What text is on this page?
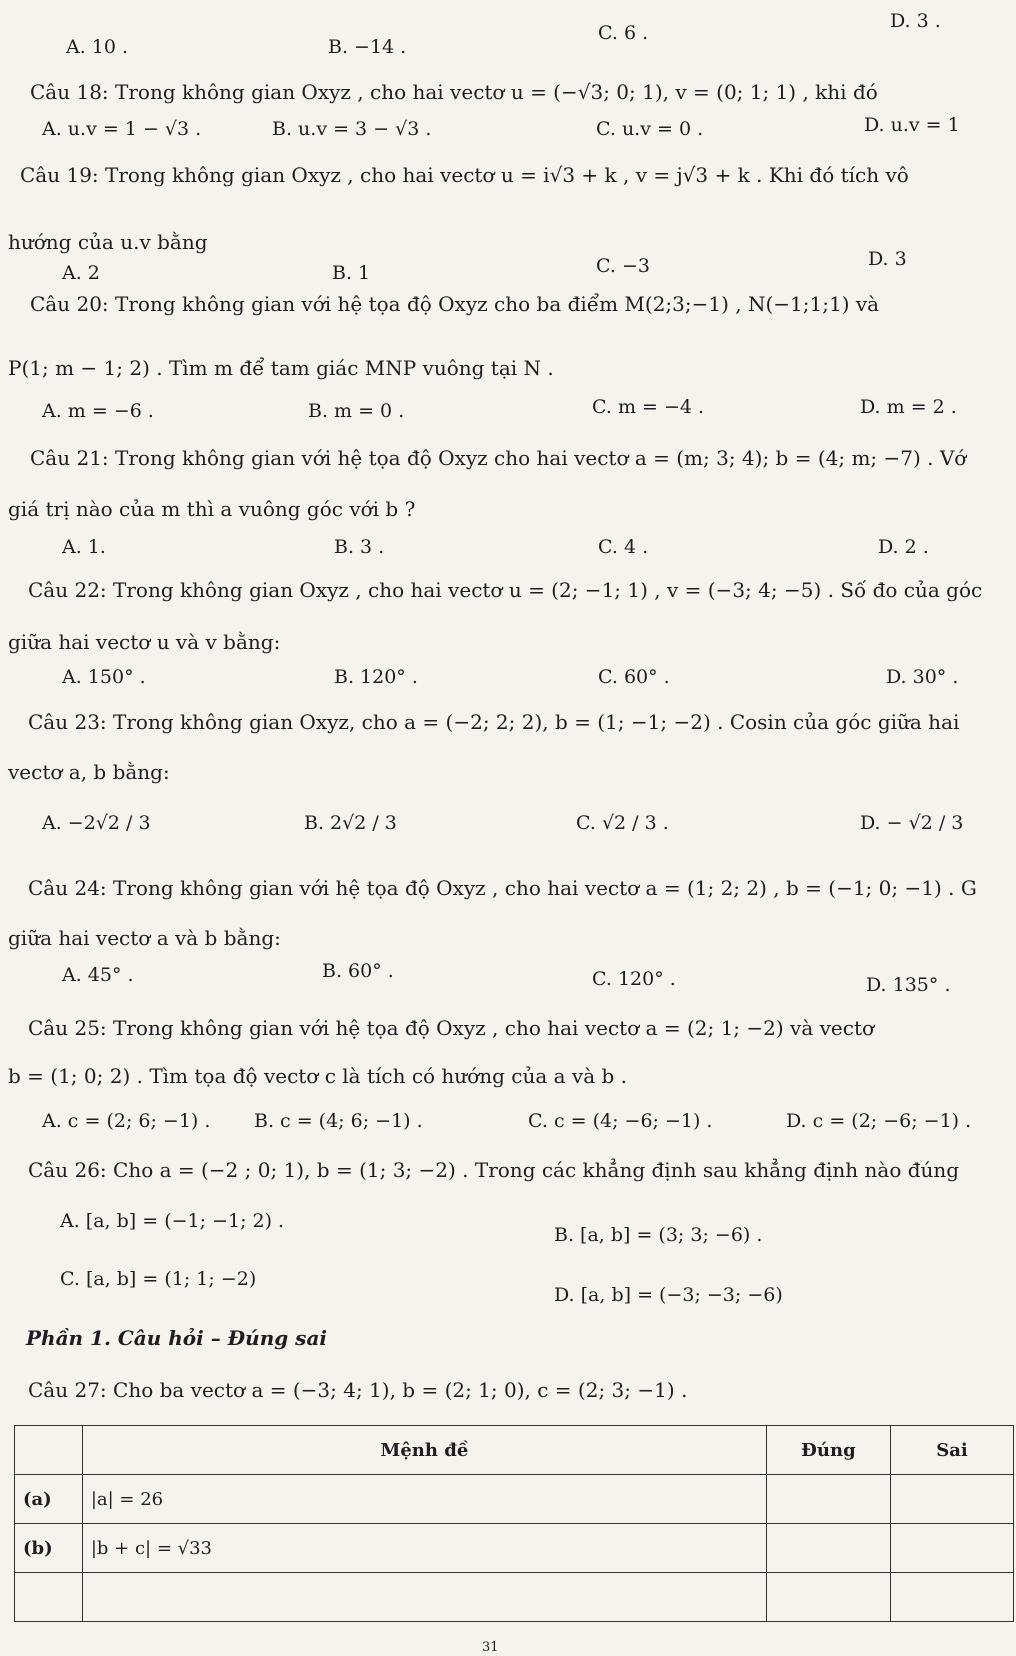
A. 10 .	B. −14 .
C. 6 .
D. 3 .
Câu 18: Trong không gian Oxyz , cho hai vectơ u = (−√3; 0; 1), v = (0; 1; 1) , khi đó
A. u.v = 1 − √3 .	B. u.v = 3 − √3 .	C. u.v = 0 .	D. u.v = 1
Câu 19: Trong không gian Oxyz , cho hai vectơ u = i√3 + k , v = j√3 + k . Khi đó tích vô
hướng của u.v bằng
A. 2	B. 1	C. −3	D. 3
Câu 20: Trong không gian với hệ tọa độ Oxyz cho ba điểm M(2;3;−1) , N(−1;1;1) và
P(1; m − 1; 2) . Tìm m để tam giác MNP vuông tại N .
A. m = −6 .	B. m = 0 .	C. m = −4 .	D. m = 2 .
Câu 21: Trong không gian với hệ tọa độ Oxyz cho hai vectơ a = (m; 3; 4); b = (4; m; −7) . Vớ
giá trị nào của m thì a vuông góc với b ?
A. 1.	B. 3 .	C. 4 .	D. 2 .
Câu 22: Trong không gian Oxyz , cho hai vectơ u = (2; −1; 1) , v = (−3; 4; −5) . Số đo của góc
giữa hai vectơ u và v bằng:
A. 150° .	B. 120° .	C. 60° .	D. 30° .
Câu 23: Trong không gian Oxyz, cho a = (−2; 2; 2), b = (1; −1; −2) . Cosin của góc giữa hai
vectơ a, b bằng:
A. −2√2 / 3	B. 2√2 / 3	C. √2 / 3 .	D. − √2 / 3
Câu 24: Trong không gian với hệ tọa độ Oxyz , cho hai vectơ a = (1; 2; 2) , b = (−1; 0; −1) . G
giữa hai vectơ a và b bằng:
A. 45° .	B. 60° .	C. 120° .	D. 135° .
Câu 25: Trong không gian với hệ tọa độ Oxyz , cho hai vectơ a = (2; 1; −2) và vectơ
b = (1; 0; 2) . Tìm tọa độ vectơ c là tích có hướng của a và b .
A. c = (2; 6; −1) . B. c = (4; 6; −1) .	C. c = (4; −6; −1) .	D. c = (2; −6; −1) .
Câu 26: Cho a = (−2 ; 0; 1), b = (1; 3; −2) . Trong các khẳng định sau khẳng định nào đúng
A. [a, b] = (−1; −1; 2) .
B. [a, b] = (3; 3; −6) .
C. [a, b] = (1; 1; −2)
D. [a, b] = (−3; −3; −6)
Phần 1. Câu hỏi – Đúng sai
Câu 27: Cho ba vectơ a = (−3; 4; 1), b = (2; 1; 0), c = (2; 3; −1) .
	Mệnh đề	Đúng	Sai
(a)	|a| = 26		
(b)	|b + c| = √33		

31
